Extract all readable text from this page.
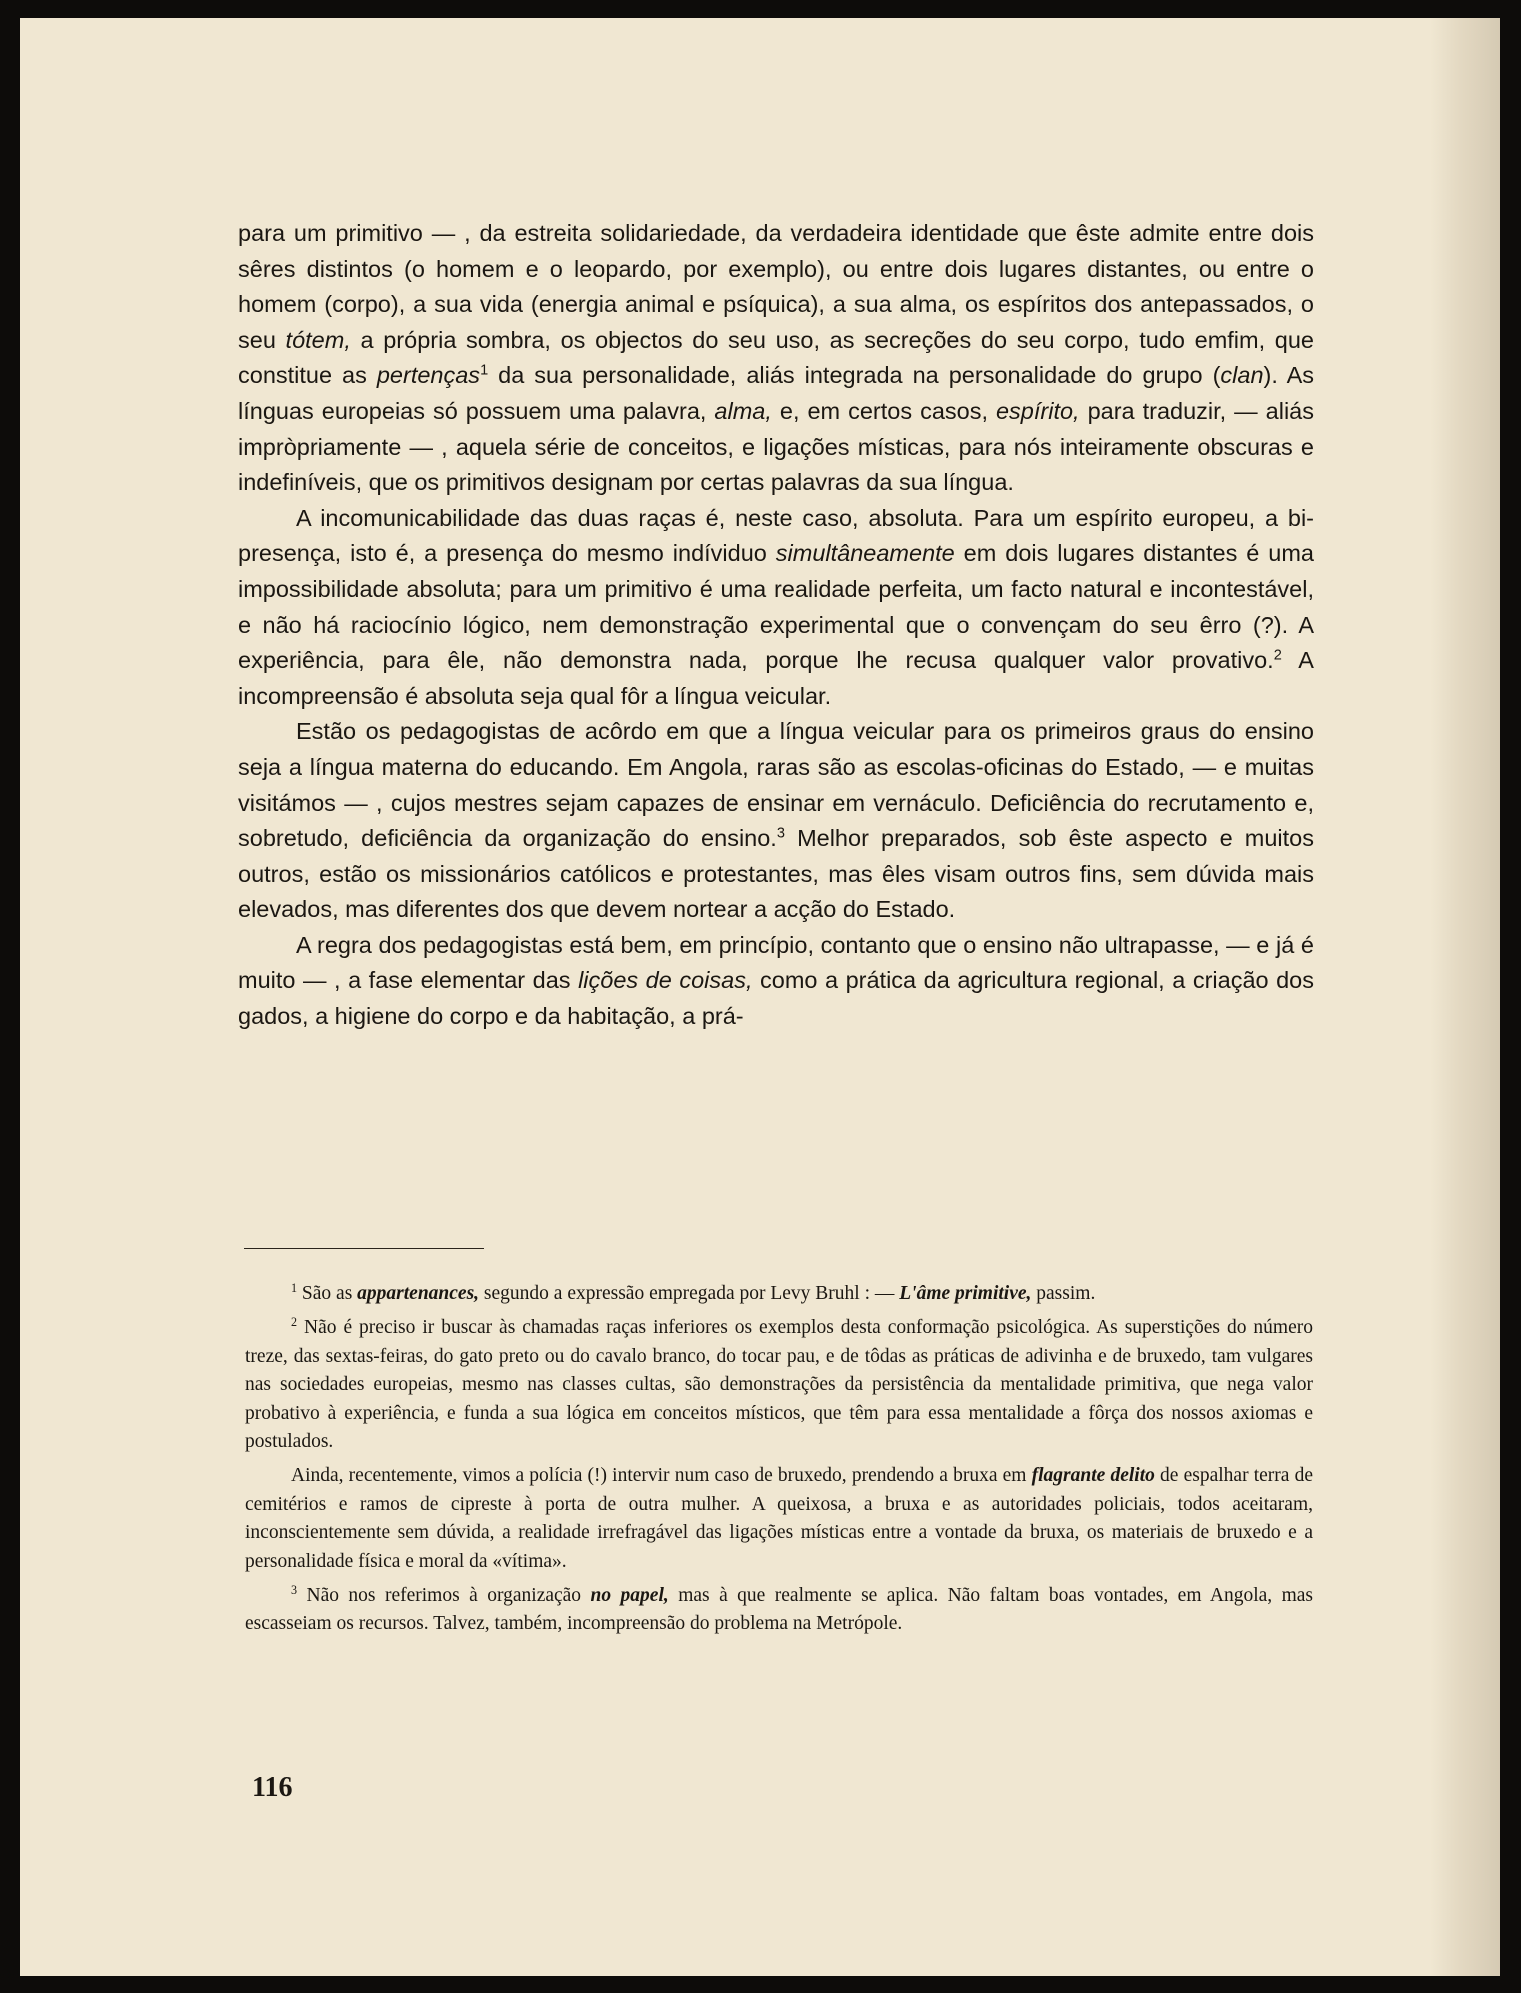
para um primitivo — , da estreita solidariedade, da verdadeira identidade que êste admite entre dois sêres distintos (o homem e o leopardo, por exemplo), ou entre dois lugares distantes, ou entre o homem (corpo), a sua vida (energia animal e psíquica), a sua alma, os espíritos dos antepassados, o seu tótem, a própria sombra, os objectos do seu uso, as secreções do seu corpo, tudo emfim, que constitue as pertenças$^1$ da sua personalidade, aliás integrada na personalidade do grupo (clan). As línguas europeias só possuem uma palavra, alma, e, em certos casos, espírito, para traduzir, — aliás impròpriamente — , aquela série de conceitos, e ligações místicas, para nós inteiramente obscuras e indefiníveis, que os primitivos designam por certas palavras da sua língua.

A incomunicabilidade das duas raças é, neste caso, absoluta. Para um espírito europeu, a bi-presença, isto é, a presença do mesmo indíviduo simultâneamente em dois lugares distantes é uma impossibilidade absoluta; para um primitivo é uma realidade perfeita, um facto natural e incontestável, e não há raciocínio lógico, nem demonstração experimental que o convençam do seu êrro (?). A experiência, para êle, não demonstra nada, porque lhe recusa qualquer valor provativo.$^2$ A incompreensão é absoluta seja qual fôr a língua veicular.

Estão os pedagogistas de acôrdo em que a língua veicular para os primeiros graus do ensino seja a língua materna do educando. Em Angola, raras são as escolas-oficinas do Estado, — e muitas visitámos — , cujos mestres sejam capazes de ensinar em vernáculo. Deficiência do recrutamento e, sobretudo, deficiência da organização do ensino.$^3$ Melhor preparados, sob êste aspecto e muitos outros, estão os missionários católicos e protestantes, mas êles visam outros fins, sem dúvida mais elevados, mas diferentes dos que devem nortear a acção do Estado.

A regra dos pedagogistas está bem, em princípio, contanto que o ensino não ultrapasse, — e já é muito — , a fase elementar das lições de coisas, como a prática da agricultura regional, a criação dos gados, a higiene do corpo e da habitação, a prá-

$^1$ São as appartenances, segundo a expressão empregada por Levy Bruhl : — L'âme primitive, passim.

$^2$ Não é preciso ir buscar às chamadas raças inferiores os exemplos desta conformação psicológica. As superstições do número treze, das sextas-feiras, do gato preto ou do cavalo branco, do tocar pau, e de tôdas as práticas de adivinha e de bruxedo, tam vulgares nas sociedades europeias, mesmo nas classes cultas, são demonstrações da persistência da mentalidade primitiva, que nega valor probativo à experiência, e funda a sua lógica em conceitos místicos, que têm para essa mentalidade a fôrça dos nossos axiomas e postulados.

Ainda, recentemente, vimos a polícia (!) intervir num caso de bruxedo, prendendo a bruxa em flagrante delito de espalhar terra de cemitérios e ramos de cipreste à porta de outra mulher. A queixosa, a bruxa e as autoridades policiais, todos aceitaram, inconscientemente sem dúvida, a realidade irrefragável das ligações místicas entre a vontade da bruxa, os materiais de bruxedo e a personalidade física e moral da «vítima».

$^3$ Não nos referimos à organização no papel, mas à que realmente se aplica. Não faltam boas vontades, em Angola, mas escasseiam os recursos. Talvez, também, incompreensão do problema na Metrópole.

116
